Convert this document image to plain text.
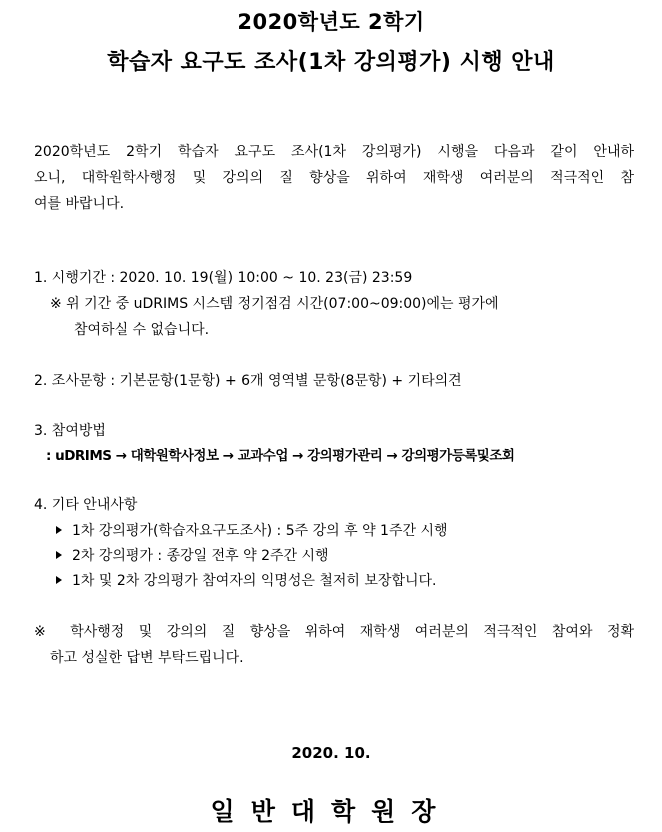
2020학년도 2학기
학습자 요구도 조사(1차 강의평가) 시행 안내
2020학년도 2학기 학습자 요구도 조사(1차 강의평가) 시행을 다음과 같이 안내하
오니, 대학원학사행정 및 강의의 질 향상을 위하여 재학생 여러분의 적극적인 참
여를 바랍니다.
1. 시행기간 : 2020. 10. 19(월) 10:00 ~ 10. 23(금) 23:59
※ 위 기간 중 uDRIMS 시스템 정기점검 시간(07:00~09:00)에는 평가에
참여하실 수 없습니다.
2. 조사문항 : 기본문항(1문항) + 6개 영역별 문항(8문항) + 기타의견
3. 참여방법
: uDRIMS → 대학원학사정보 → 교과수업 → 강의평가관리 → 강의평가등록및조회
4. 기타 안내사항
1차 강의평가(학습자요구도조사) : 5주 강의 후 약 1주간 시행
2차 강의평가 : 종강일 전후 약 2주간 시행
1차 및 2차 강의평가 참여자의 익명성은 철저히 보장합니다.
※ 학사행정 및 강의의 질 향상을 위하여 재학생 여러분의 적극적인 참여와 정확
하고 성실한 답변 부탁드립니다.
2020. 10.
일반대학원장
